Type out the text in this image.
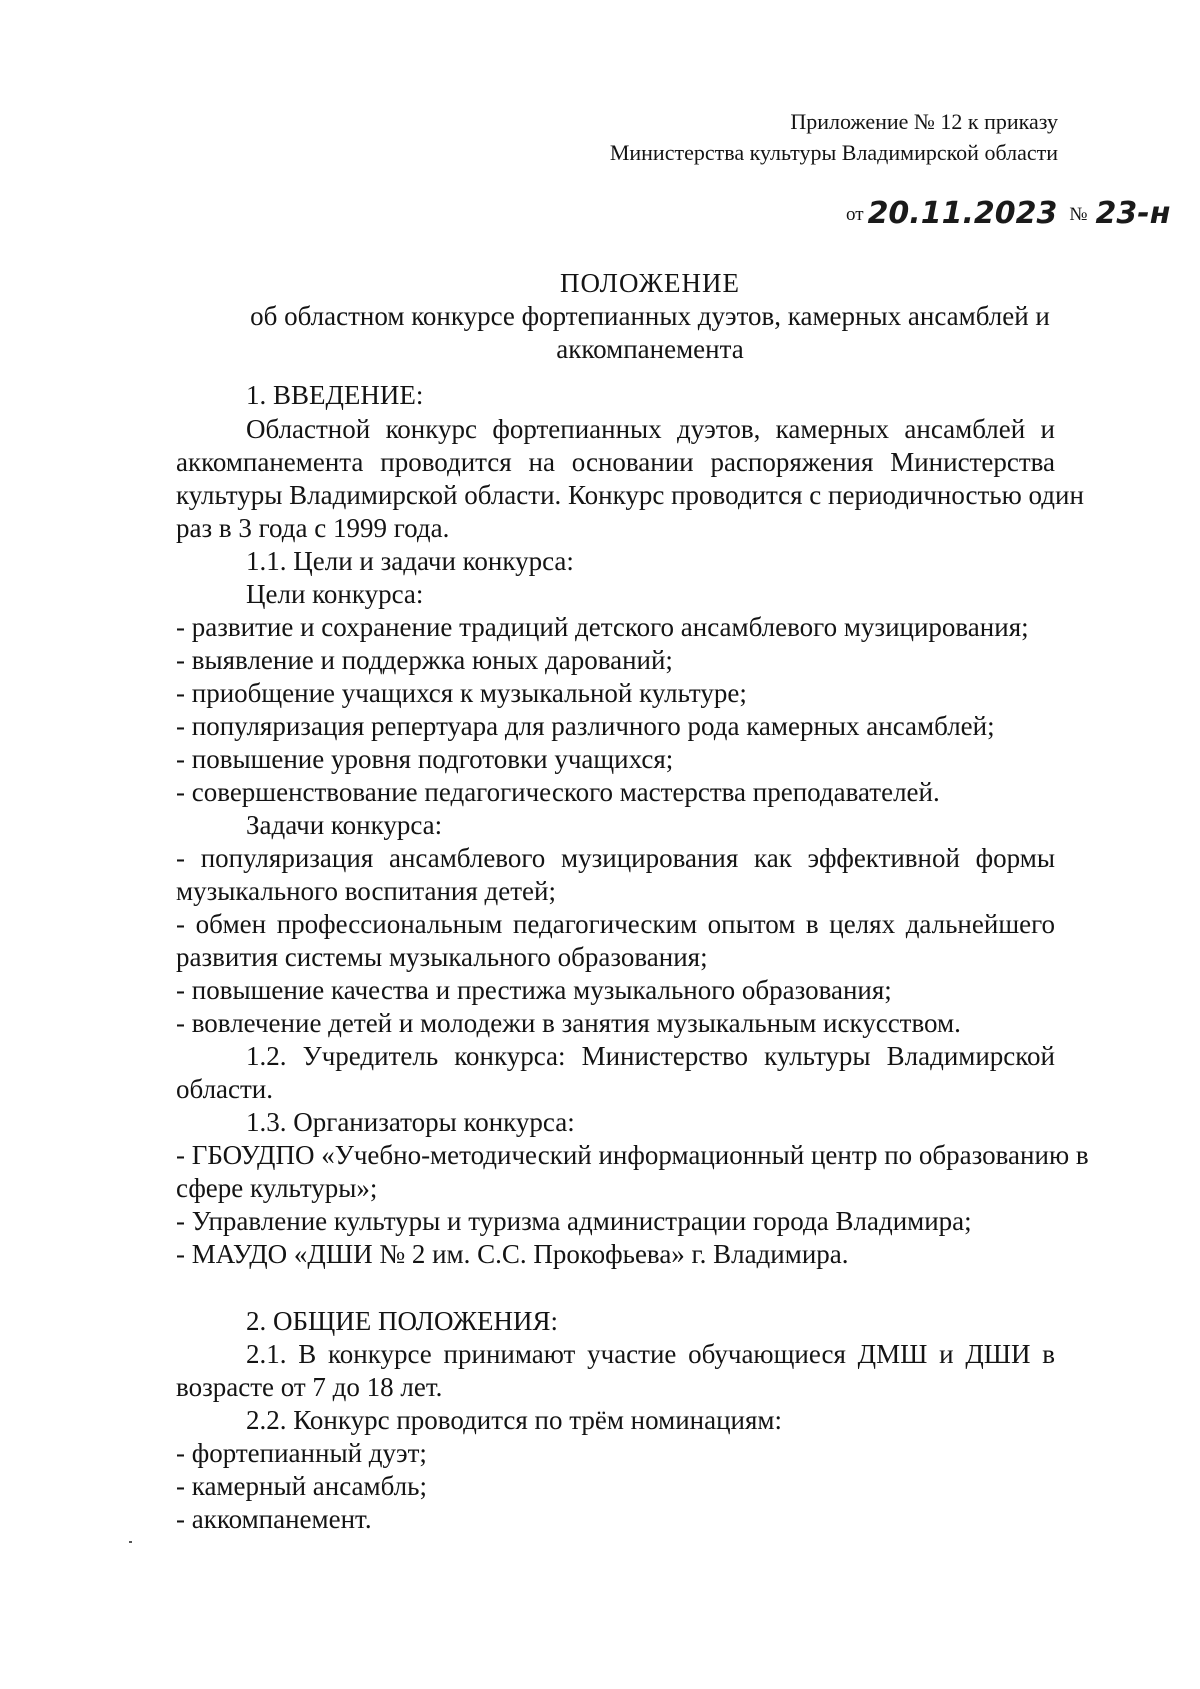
Приложение № 12 к приказу
Министерства культуры Владимирской области
от 20.11.2023 № 23-н
ПОЛОЖЕНИЕ
об областном конкурсе фортепианных дуэтов, камерных ансамблей и
аккомпанемента
1. ВВЕДЕНИЕ:
Областной конкурс фортепианных дуэтов, камерных ансамблей и
аккомпанемента проводится на основании распоряжения Министерства
культуры Владимирской области. Конкурс проводится с периодичностью один
раз в 3 года с 1999 года.
1.1. Цели и задачи конкурса:
Цели конкурса:
- развитие и сохранение традиций детского ансамблевого музицирования;
- выявление и поддержка юных дарований;
- приобщение учащихся к музыкальной культуре;
- популяризация репертуара для различного рода камерных ансамблей;
- повышение уровня подготовки учащихся;
- совершенствование педагогического мастерства преподавателей.
Задачи конкурса:
- популяризация ансамблевого музицирования как эффективной формы
музыкального воспитания детей;
- обмен профессиональным педагогическим опытом в целях дальнейшего
развития системы музыкального образования;
- повышение качества и престижа музыкального образования;
- вовлечение детей и молодежи в занятия музыкальным искусством.
1.2. Учредитель конкурса: Министерство культуры Владимирской
области.
1.3. Организаторы конкурса:
- ГБОУДПО «Учебно-методический информационный центр по образованию в
сфере культуры»;
- Управление культуры и туризма администрации города Владимира;
- МАУДО «ДШИ № 2 им. С.С. Прокофьева» г. Владимира.
2. ОБЩИЕ ПОЛОЖЕНИЯ:
2.1. В конкурсе принимают участие обучающиеся ДМШ и ДШИ в
возрасте от 7 до 18 лет.
2.2. Конкурс проводится по трём номинациям:
- фортепианный дуэт;
- камерный ансамбль;
- аккомпанемент.
